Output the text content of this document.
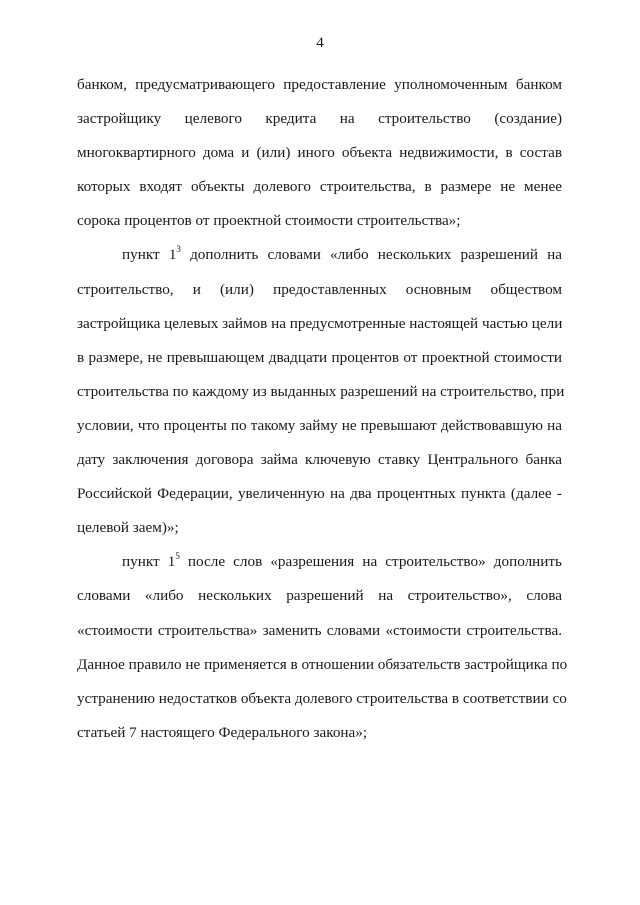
4
банком, предусматривающего предоставление уполномоченным банком
застройщику целевого кредита на строительство (создание)
многоквартирного дома и (или) иного объекта недвижимости, в состав
которых входят объекты долевого строительства, в размере не менее
сорока процентов от проектной стоимости строительства»;
пункт $1^3$ дополнить словами «либо нескольких разрешений на
строительство, и (или) предоставленных основным обществом
застройщика целевых займов на предусмотренные настоящей частью цели
в размере, не превышающем двадцати процентов от проектной стоимости
строительства по каждому из выданных разрешений на строительство, при
условии, что проценты по такому займу не превышают действовавшую на
дату заключения договора займа ключевую ставку Центрального банка
Российской Федерации, увеличенную на два процентных пункта (далее -
целевой заем)»;
пункт $1^5$ после слов «разрешения на строительство» дополнить
словами «либо нескольких разрешений на строительство», слова
«стоимости строительства» заменить словами «стоимости строительства.
Данное правило не применяется в отношении обязательств застройщика по
устранению недостатков объекта долевого строительства в соответствии со
статьей 7 настоящего Федерального закона»;
